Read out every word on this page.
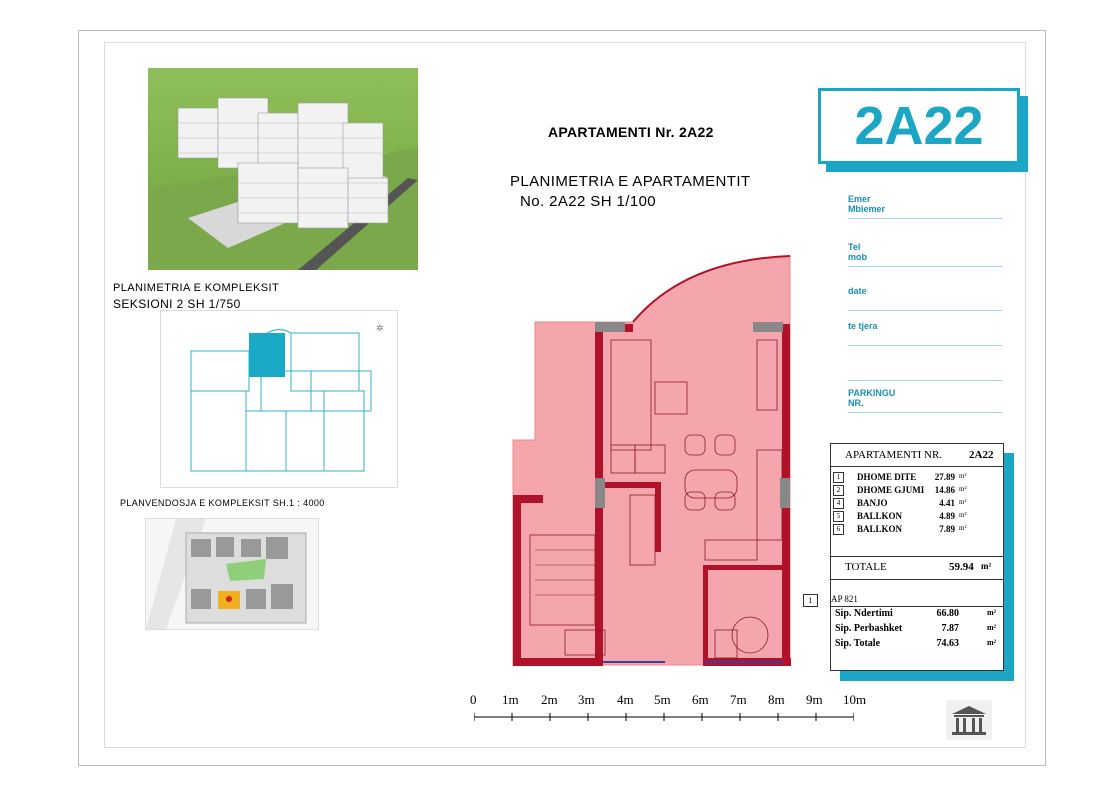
PLANIMETRIA E KOMPLEKSIT
SEKSIONI 2 SH 1/750
✲
PLANVENDOSJA E KOMPLEKSIT SH.1 : 4000
APARTAMENTI Nr. 2A22
PLANIMETRIA E APARTAMENTIT
No. 2A22 SH 1/100
0 1m 2m 3m 4m 5m 6m 7m 8m 9m 10m
2A22
Emer
Mbiemer
Tel
mob
date
te tjera
PARKINGU
NR.
APARTAMENTI NR. 2A22
1	DHOME DITE	27.89 m²
2	DHOME GJUMI	14.86 m²
4	BANJO	4.41 m²
5	BALLKON	4.89 m²
6	BALLKON	7.89 m²
TOTALE	59.94 m²
AP 821
Sip. Ndertimi	66.80	m²
Sip. Perbashket	7.87	m²
Sip. Totale	74.63	m²
1
